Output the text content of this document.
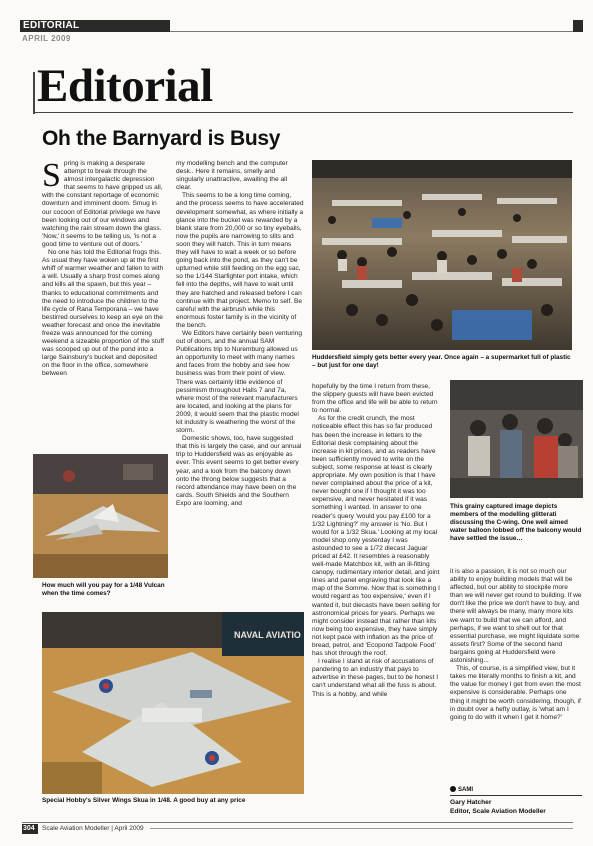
EDITORIAL
APRIL 2009
Editorial
Oh the Barnyard is Busy
S pring is making a desperate attempt to break through the almost intergalactic depression that seems to have gripped us all, with the constant reportage of economic downturn and imminent doom. Smug in our cocoon of Editorial privilege we have been looking out of our windows and watching the rain stream down the glass. 'Now,' it seems to be telling us, 'is not a good time to venture out of doors.'

No one has told the Editorial frogs this. As usual they have woken up at the first whiff of warmer weather and fallen to with a will. Usually a sharp frost comes along and kills all the spawn, but this year – thanks to educational commitments and the need to introduce the children to the life cycle of Rana Temporana – we have bestirred ourselves to keep an eye on the weather forecast and once the inevitable freeze was announced for the coming weekend a sizeable proportion of the stuff was scooped up out of the pond into a large Sainsbury's bucket and deposited on the floor in the office, somewhere between

my modelling bench and the computer desk.. Here it remains, smelly and singularly unattractive, awaiting the all clear.

This seems to be a long time coming, and the process seems to have accelerated development somewhat, as where initially a glance into the bucket was rewarded by a blank stare from 20,000 or so tiny eyeballs, now the pupils are narrowing to slits and soon they will hatch. This in turn means they will have to wait a week or so before going back into the pond, as they can't be upturned while still feeding on the egg sac, so the 1/144 Starfighter port intake, which fell into the depths, will have to wait until they are hatched and released before I can continue with that project. Memo to self. Be careful with the airbrush while this enormous foster family is in the vicinity of the bench.

We Editors have certainly been venturing out of doors, and the annual SAM Publications trip to Nuremburg allowed us an opportunity to meet with many names and faces from the hobby and see how business was from their point of view. There was certainly little evidence of pessimism throughout Halls 7 and 7a, where most of the relevant manufacturers are located, and looking at the plans for 2009, it would seem that the plastic model kit industry is weathering the worst of the storm.

Domestic shows, too, have suggested that this is largely the case, and our annual trip to Huddersfield was as enjoyable as ever. This event seems to get better every year, and a look from the balcony down onto the throng below suggests that a record attendance may have been on the cards. South Shields and the Southern Expo are looming, and

hopefully by the time I return from these, the slippery guests will have been evicted from the office and life will be able to return to normal.

As for the credit crunch, the most noticeable effect this has so far produced has been the increase in letters to the Editorial desk complaining about the increase in kit prices, and as readers have been sufficiently moved to write on the subject, some response at least is clearly appropriate. My own position is that I have never complained about the price of a kit, never bought one if I thought it was too expensive, and never hesitated if it was something I wanted. In answer to one reader's query 'would you pay £100 for a 1/32 Lightning?' my answer is 'No. But I would for a 1/32 Skua.' Looking at my local model shop only yesterday I was astounded to see a 1/72 diecast Jaguar priced at £42. It resembles a reasonably well-made Matchbox kit, with an ill-fitting canopy, rudimentary interior detail, and joint lines and panel engraving that look like a map of the Somme. Now that is something I would regard as 'too expensive,' even if I wanted it, but diecasts have been selling for astronomical prices for years. Perhaps we might consider instead that rather than kits now being too expensive, they have simply not kept pace with inflation as the price of bread, petrol, and 'Ecopond Tadpole Food' has shot through the roof.

I realise I stand at risk of accusations of pandering to an industry that pays to advertise in these pages, but to be honest I can't understand what all the fuss is about. This is a hobby, and while

it is also a passion, it is not so much our ability to enjoy building models that will be affected, but our ability to stockpile more than we will never get round to building. If we don't like the price we don't have to buy, and there will always be many, many more kits we want to build that we can afford, and perhaps, if we want to shell out for that essential purchase, we might liquidate some assets first? Some of the second hand bargains going at Huddersfield were astonishing...

This, of course, is a simplified view, but it takes me literally months to finish a kit, and the value for money I get from even the most expensive is considerable. Perhaps one thing it might be worth considering, though, if in doubt over a hefty outlay, is 'what am I going to do with it when I get it home?'

SAMI
Gary Hatcher
Editor, Scale Aviation Modeller
Huddersfield simply gets better every year. Once again – a supermarket full of plastic – but just for one day!
This grainy captured image depicts members of the modelling glitterati discussing the C-wing. One well aimed water balloon lobbed off the balcony would have settled the issue…
How much will you pay for a 1/48 Vulcan when the time comes?
NAVAL AVIATIO
Special Hobby's Silver Wings Skua in 1/48. A good buy at any price
304 Scale Aviation Modeller | April 2009
